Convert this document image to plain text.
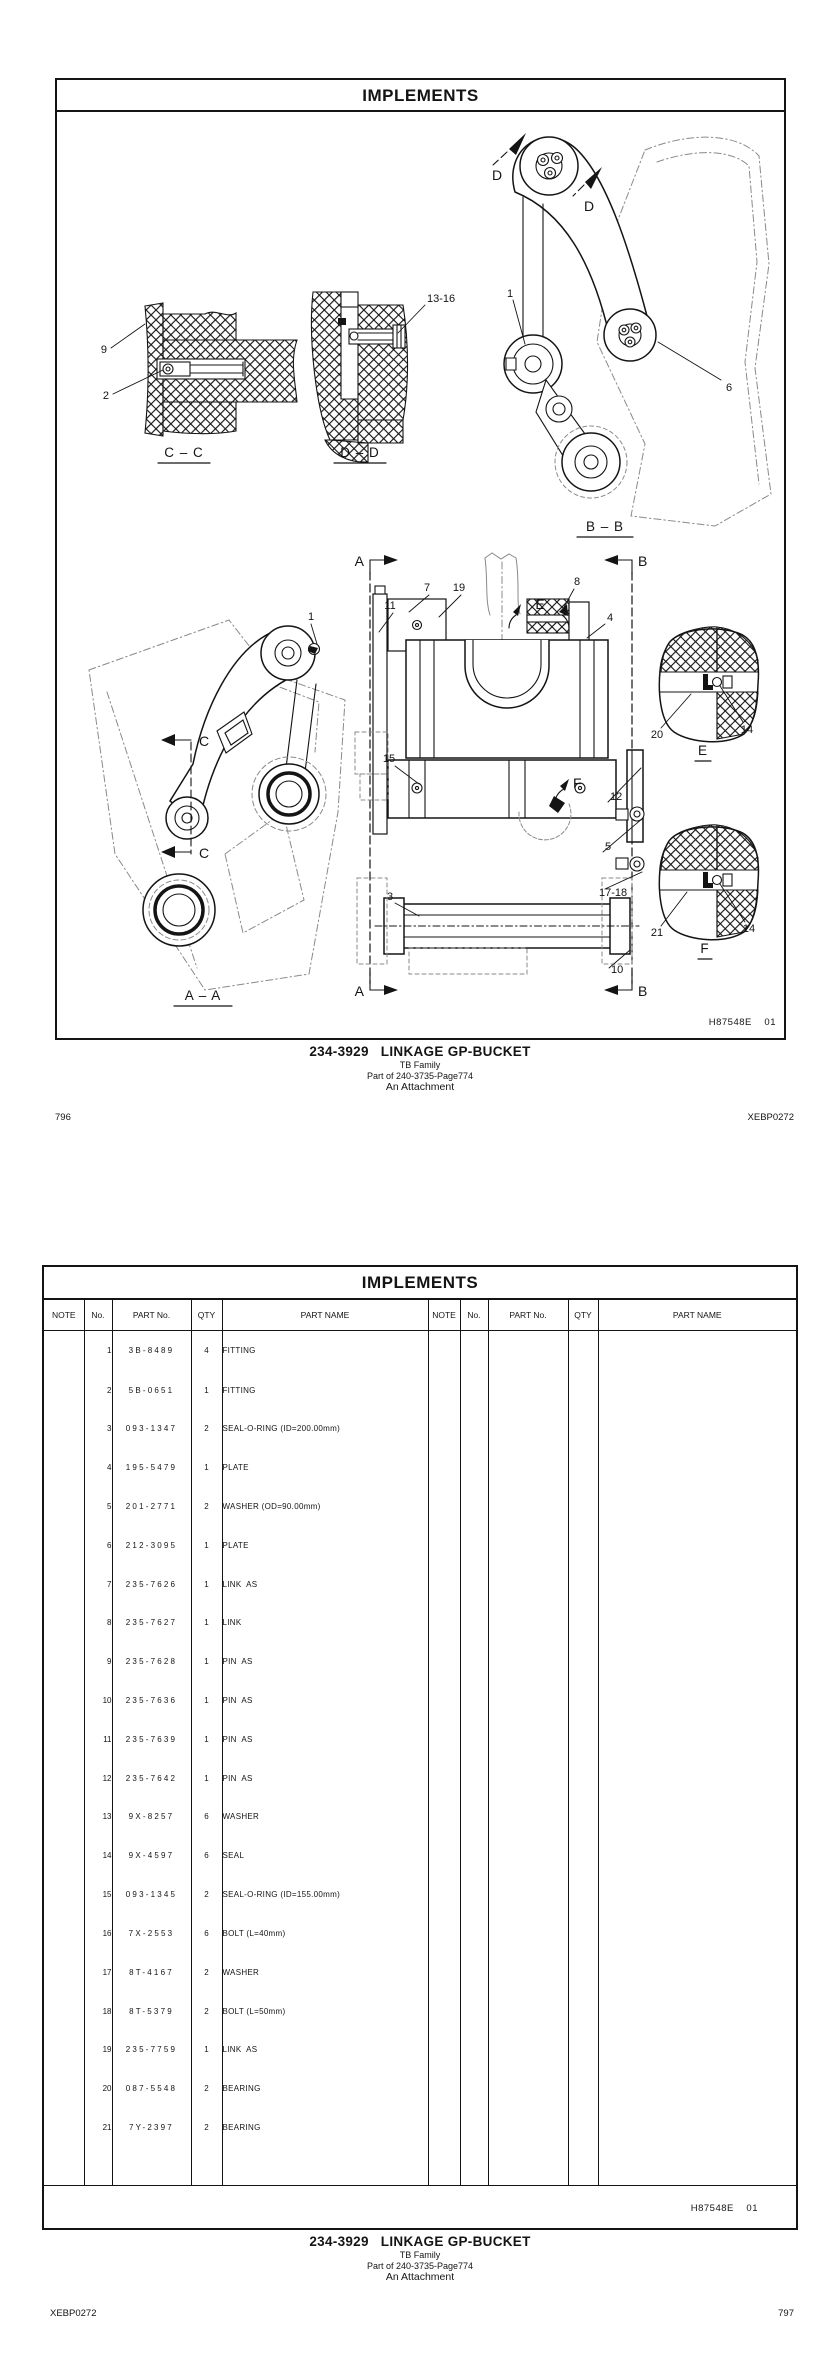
IMPLEMENTS
9
2
C – C
13-16
D – D
D
D
1
6
B – B
A	B
A	B
E
F
7 19	8
4
11
15
12
5
17-18
3
10
C
C
1
A – A
20	14
E
21	14
F
H87548E    01
234-3929 LINKAGE GP-BUCKET
TB Family
Part of 240-3735-Page774
An Attachment
796	XEBP0272
IMPLEMENTS
NOTE	No.	PART No.	QTY	PART NAME	NOTE	No.	PART No.	QTY	PART NAME
	1	3B-8489	4	FITTING					
	2	5B-0651	1	FITTING					
	3	093-1347	2	SEAL-O-RING (ID=200.00mm)					
	4	195-5479	1	PLATE					
	5	201-2771	2	WASHER (OD=90.00mm)					
	6	212-3095	1	PLATE					
	7	235-7626	1	LINK  AS					
	8	235-7627	1	LINK					
	9	235-7628	1	PIN  AS					
	10	235-7636	1	PIN  AS					
	11	235-7639	1	PIN  AS					
	12	235-7642	1	PIN  AS					
	13	9X-8257	6	WASHER					
	14	9X-4597	6	SEAL					
	15	093-1345	2	SEAL-O-RING (ID=155.00mm)					
	16	7X-2553	6	BOLT (L=40mm)					
	17	8T-4167	2	WASHER					
	18	8T-5379	2	BOLT (L=50mm)					
	19	235-7759	1	LINK  AS					
	20	087-5548	2	BEARING					
	21	7Y-2397	2	BEARING					

H87548E    01
234-3929 LINKAGE GP-BUCKET
TB Family
Part of 240-3735-Page774
An Attachment
XEBP0272	797
